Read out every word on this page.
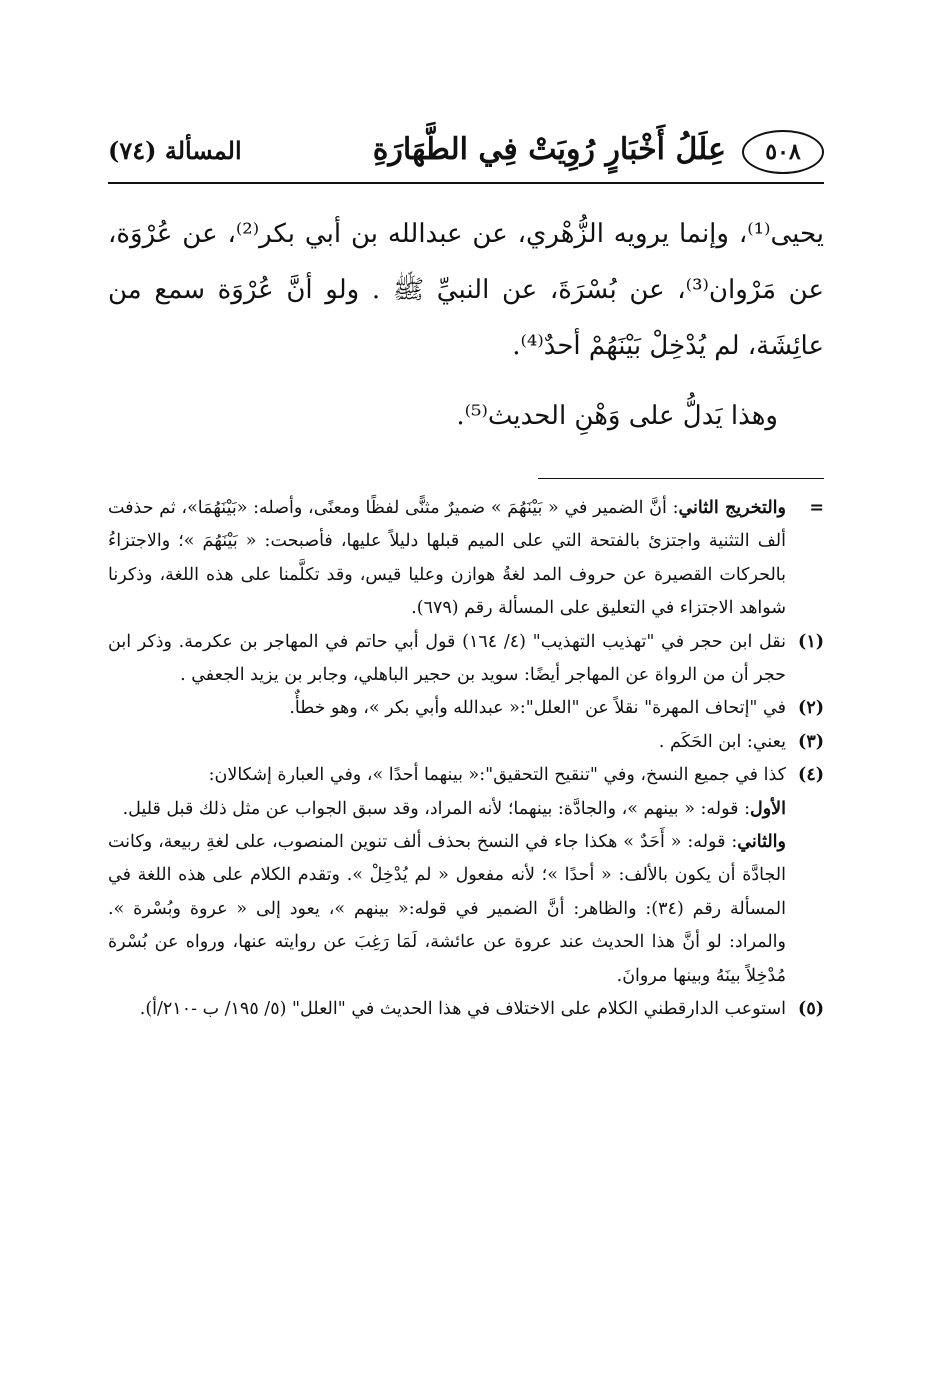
٥٠٨
عِلَلُ أَخْبَارٍ رُوِيَتْ فِي الطَّهَارَةِ
المسألة (٧٤)

يحيى⁽¹⁾، وإنما يرويه الزُّهْري، عن عبدالله بن أبي بكر⁽²⁾، عن عُرْوَة، عن مَرْوان⁽³⁾، عن بُسْرَةَ، عن النبيِّ ﷺ . ولو أنَّ عُرْوَة سمع من عائِشَة، لم يُدْخِلْ بَيْنَهُمْ أحدٌ⁽⁴⁾.

وهذا يَدلُّ على وَهْنِ الحديث⁽⁵⁾.

=

والتخريج الثاني: أنَّ الضمير في « بَيْنَهُمَ » ضميرٌ مثنًّى لفظًا ومعنًى، وأصله: «بَيْنَهُمَا»، ثم حذفت ألف التثنية واجتزئ بالفتحة التي على الميم قبلها دليلاً عليها، فأصبحت: « بَيْنَهُمَ »؛ والاجتزاءُ بالحركات القصيرة عن حروف المد لغةُ هوازن وعليا قيس، وقد تكلَّمنا على هذه اللغة، وذكرنا شواهد الاجتزاء في التعليق على المسألة رقم (٦٧٩).

(١)

نقل ابن حجر في "تهذيب التهذيب" (٤/ ١٦٤) قول أبي حاتم في المهاجر بن عكرمة. وذكر ابن حجر أن من الرواة عن المهاجر أيضًا: سويد بن حجير الباهلي، وجابر بن يزيد الجعفي .

(٢)

في "إتحاف المهرة" نقلاً عن "العلل":« عبدالله وأبي بكر »، وهو خطأٌ.

(٣)

يعني: ابن الحَكَم .

(٤)

كذا في جميع النسخ، وفي "تنقيح التحقيق":« بينهما أحدًا »، وفي العبارة إشكالان:

الأول: قوله: « بينهم »، والجادَّة: بينهما؛ لأنه المراد، وقد سبق الجواب عن مثل ذلك قبل قليل.

والثاني: قوله: « أَحَدٌ » هكذا جاء في النسخ بحذف ألف تنوين المنصوب، على لغةِ ربيعة، وكانت الجادَّة أن يكون بالألف: « أحدًا »؛ لأنه مفعول « لم يُدْخِلْ ». وتقدم الكلام على هذه اللغة في المسألة رقم (٣٤): والظاهر: أنَّ الضمير في قوله:« بينهم »، يعود إلى « عروة وبُسْرة ». والمراد: لو أنَّ هذا الحديث عند عروة عن عائشة، لَمَا رَغِبَ عن روايته عنها، ورواه عن بُسْرة مُدْخِلاً بينَهُ وبينها مروانَ.

(٥)

استوعب الدارقطني الكلام على الاختلاف في هذا الحديث في "العلل" (٥/ ١٩٥/ ب -٢١٠/أ).
